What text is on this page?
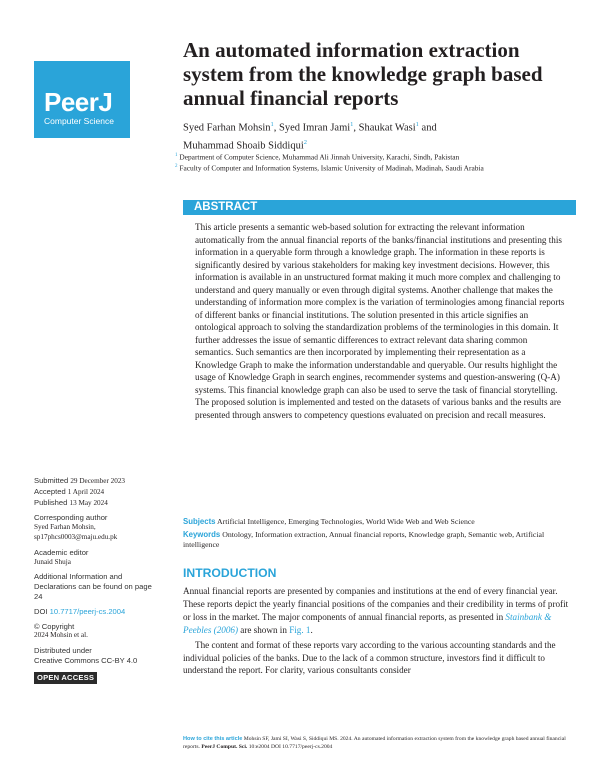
PeerJ
Computer Science
An automated information extraction system from the knowledge graph based annual financial reports
Syed Farhan Mohsin$^1$, Syed Imran Jami$^1$, Shaukat Wasi$^1$ and
Muhammad Shoaib Siddiqui$^2$
$^1$ Department of Computer Science, Muhammad Ali Jinnah University, Karachi, Sindh, Pakistan
$^2$ Faculty of Computer and Information Systems, Islamic University of Madinah, Madinah, Saudi Arabia
ABSTRACT
This article presents a semantic web-based solution for extracting the relevant information automatically from the annual financial reports of the banks/financial institutions and presenting this information in a queryable form through a knowledge graph. The information in these reports is significantly desired by various stakeholders for making key investment decisions. However, this information is available in an unstructured format making it much more complex and challenging to understand and query manually or even through digital systems. Another challenge that makes the understanding of information more complex is the variation of terminologies among financial reports of different banks or financial institutions. The solution presented in this article signifies an ontological approach to solving the standardization problems of the terminologies in this domain. It further addresses the issue of semantic differences to extract relevant data sharing common semantics. Such semantics are then incorporated by implementing their representation as a Knowledge Graph to make the information understandable and queryable. Our results highlight the usage of Knowledge Graph in search engines, recommender systems and question-answering (Q-A) systems. This financial knowledge graph can also be used to serve the task of financial storytelling. The proposed solution is implemented and tested on the datasets of various banks and the results are presented through answers to competency questions evaluated on precision and recall measures.
Submitted 29 December 2023
Accepted 1 April 2024
Published 13 May 2024
Corresponding author
Syed Farhan Mohsin,
sp17phcs0003@maju.edu.pk
Academic editor
Junaid Shuja
Additional Information and Declarations can be found on page 24
DOI 10.7717/peerj-cs.2004
© Copyright
2024 Mohsin et al.
Distributed under
Creative Commons CC-BY 4.0
OPEN ACCESS
Subjects Artificial Intelligence, Emerging Technologies, World Wide Web and Web Science
Keywords Ontology, Information extraction, Annual financial reports, Knowledge graph, Semantic web, Artificial intelligence
INTRODUCTION

Annual financial reports are presented by companies and institutions at the end of every financial year. These reports depict the yearly financial positions of the companies and their credibility in terms of profit or loss in the market. The major components of annual financial reports, as presented in Stainbank & Peebles (2006) are shown in Fig. 1.

The content and format of these reports vary according to the various accounting standards and the individual policies of the banks. Due to the lack of a common structure, investors find it difficult to understand the report. For clarity, various consultants consider

How to cite this article Mohsin SF, Jami SI, Wasi S, Siddiqui MS. 2024. An automated information extraction system from the knowledge graph based annual financial reports. PeerJ Comput. Sci. 10:e2004 DOI 10.7717/peerj-cs.2004
